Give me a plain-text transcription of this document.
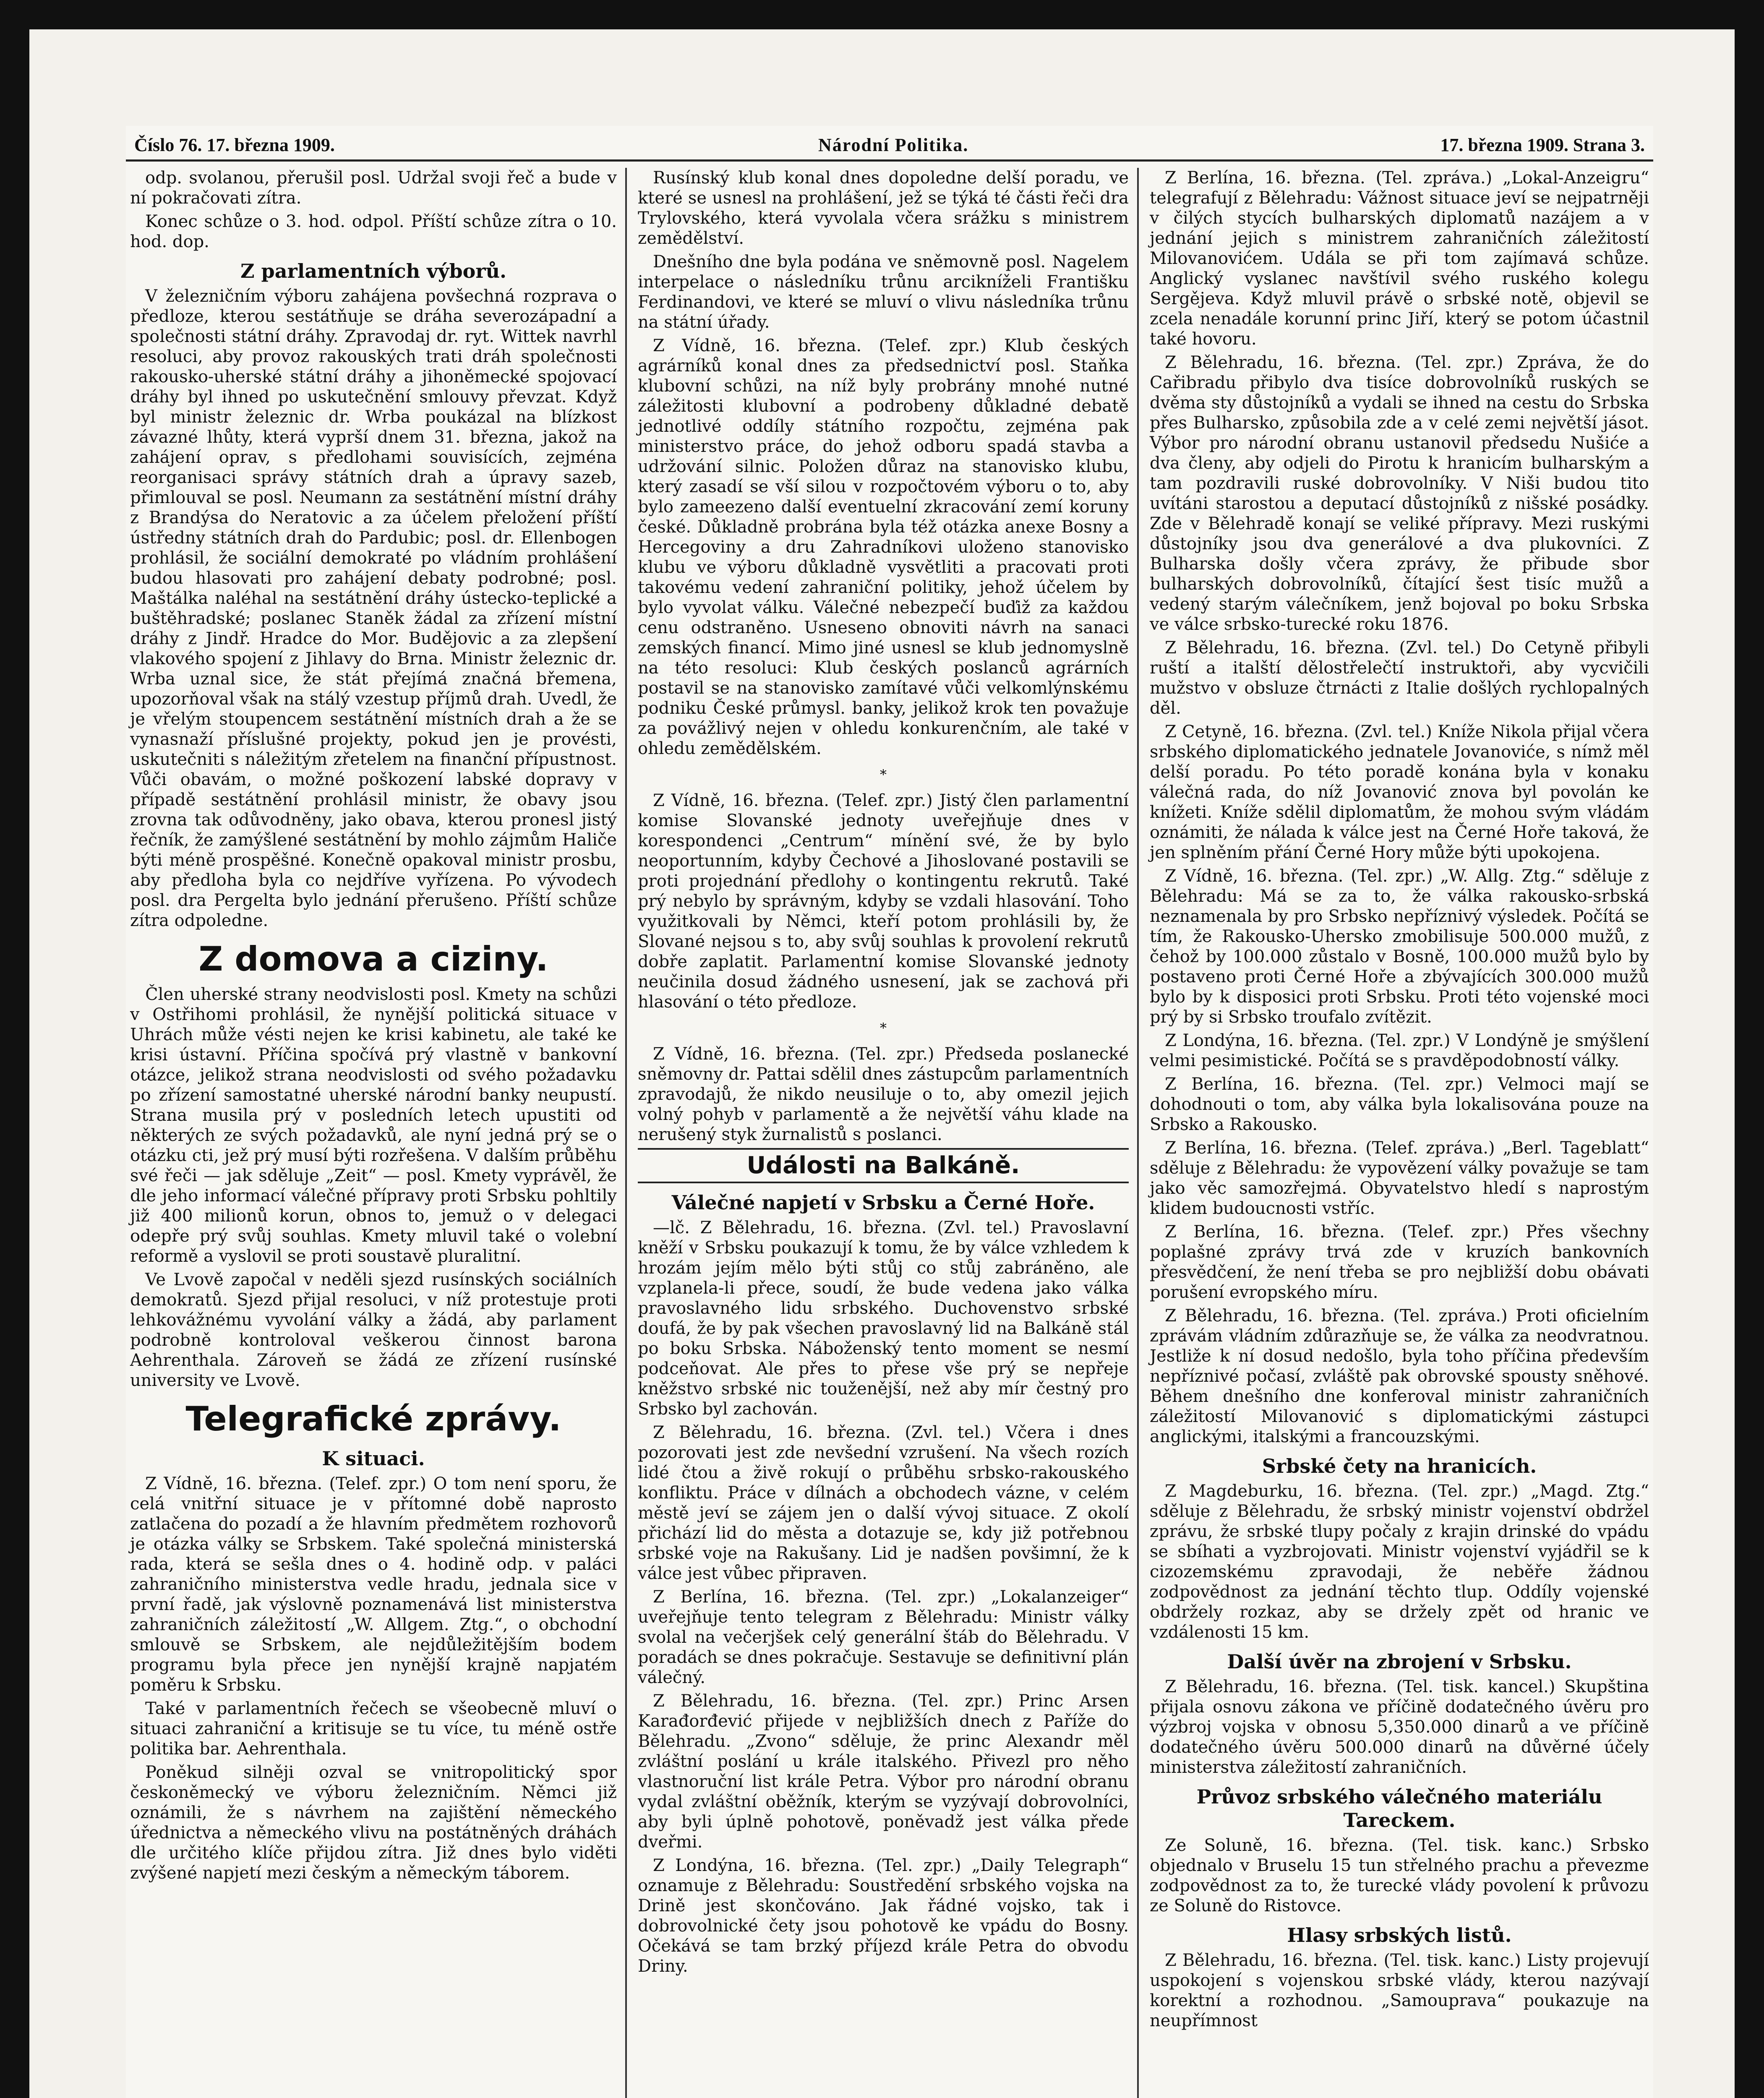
Číslo 76. 17. března 1909.	Národní Politika.	17. března 1909. Strana 3.

odp. svolanou, přerušil posl. Udržal svoji řeč a bude v ní pokračovati zítra.

Konec schůze o 3. hod. odpol. Příští schůze zítra o 10. hod. dop.

Z parlamentních výborů.

V železničním výboru zahájena povšechná rozprava o předloze, kterou sestátňuje se dráha severozápadní a společnosti státní dráhy. Zpravodaj dr. ryt. Wittek navrhl resoluci, aby provoz rakouských trati dráh společnosti rakousko-uherské státní dráhy a jihoněmecké spojovací dráhy byl ihned po uskutečnění smlouvy převzat. Když byl ministr železnic dr. Wrba poukázal na blízkost závazné lhůty, která vyprší dnem 31. března, jakož na zahájení oprav, s předlohami souvisících, zejména reorganisaci správy státních drah a úpravy sazeb, přimlouval se posl. Neumann za sestátnění místní dráhy z Brandýsa do Neratovic a za účelem přeložení příští ústředny státních drah do Pardubic; posl. dr. Ellenbogen prohlásil, že sociální demokraté po vládním prohlášení budou hlasovati pro zahájení debaty podrobné; posl. Maštálka naléhal na sestátnění dráhy ústecko-teplické a buštěhradské; poslanec Staněk žádal za zřízení místní dráhy z Jindř. Hradce do Mor. Budějovic a za zlepšení vlakového spojení z Jihlavy do Brna. Ministr železnic dr. Wrba uznal sice, že stát přejímá značná břemena, upozorňoval však na stálý vzestup příjmů drah. Uvedl, že je vřelým stoupencem sestátnění místních drah a že se vynasnaží příslušné projekty, pokud jen je provésti, uskutečniti s náležitým zřetelem na finanční přípustnost. Vůči obavám, o možné poškození labské dopravy v případě sestátnění prohlásil ministr, že obavy jsou zrovna tak odůvodněny, jako obava, kterou pronesl jistý řečník, že zamýšlené sestátnění by mohlo zájmům Haliče býti méně prospěšné. Konečně opakoval ministr prosbu, aby předloha byla co nejdříve vyřízena. Po vývodech posl. dra Pergelta bylo jednání přerušeno. Příští schůze zítra odpoledne.

Z domova a ciziny.

Člen uherské strany neodvislosti posl. Kmety na schůzi v Ostřihomi prohlásil, že nynější politická situace v Uhrách může vésti nejen ke krisi kabinetu, ale také ke krisi ústavní. Příčina spočívá prý vlastně v bankovní otázce, jelikož strana neodvislosti od svého požadavku po zřízení samostatné uherské národní banky neupustí. Strana musila prý v posledních letech upustiti od některých ze svých požadavků, ale nyní jedná prý se o otázku cti, jež prý musí býti rozřešena. V dalším průběhu své řeči — jak sděluje „Zeit“ — posl. Kmety vyprávěl, že dle jeho informací válečné přípravy proti Srbsku pohltily již 400 milionů korun, obnos to, jemuž o v delegaci odepře prý svůj souhlas. Kmety mluvil také o volební reformě a vyslovil se proti soustavě pluralitní.

Ve Lvově započal v neděli sjezd rusínských sociálních demokratů. Sjezd přijal resoluci, v níž protestuje proti lehkovážnému vyvolání války a žádá, aby parlament podrobně kontroloval veškerou činnost barona Aehrenthala. Zároveň se žádá ze zřízení rusínské university ve Lvově.

Telegrafické zprávy.
K situaci.

Z Vídně, 16. března. (Telef. zpr.) O tom není sporu, že celá vnitřní situace je v přítomné době naprosto zatlačena do pozadí a že hlavním předmětem rozhovorů je otázka války se Srbskem. Také společná ministerská rada, která se sešla dnes o 4. hodině odp. v paláci zahraničního ministerstva vedle hradu, jednala sice v první řadě, jak výslovně poznamenává list ministerstva zahraničních záležitostí „W. Allgem. Ztg.“, o obchodní smlouvě se Srbskem, ale nejdůležitějším bodem programu byla přece jen nynější krajně napjatém poměru k Srbsku.

Také v parlamentních řečech se všeobecně mluví o situaci zahraniční a kritisuje se tu více, tu méně ostře politika bar. Aehrenthala.

Poněkud silněji ozval se vnitropolitický spor českoněmecký ve výboru železničním. Němci již oznámili, že s návrhem na zajištění německého úřednictva a německého vlivu na postátněných dráhách dle určitého klíče přijdou zítra. Již dnes bylo viděti zvýšené napjetí mezi českým a německým táborem.

Rusínský klub konal dnes dopoledne delší poradu, ve které se usnesl na prohlášení, jež se týká té části řeči dra Trylovského, která vyvolala včera srážku s ministrem zemědělství.

Dnešního dne byla podána ve sněmovně posl. Nagelem interpelace o následníku trůnu arcikníželi Františku Ferdinandovi, ve které se mluví o vlivu následníka trůnu na státní úřady.

Z Vídně, 16. března. (Telef. zpr.) Klub českých agrárníků konal dnes za předsednictví posl. Staňka klubovní schůzi, na níž byly probrány mnohé nutné záležitosti klubovní a podrobeny důkladné debatě jednotlivé oddíly státního rozpočtu, zejména pak ministerstvo práce, do jehož odboru spadá stavba a udržování silnic. Položen důraz na stanovisko klubu, který zasadí se vší silou v rozpočtovém výboru o to, aby bylo zameezeno další eventuelní zkracování zemí koruny české. Důkladně probrána byla též otázka anexe Bosny a Hercegoviny a dru Zahradníkovi uloženo stanovisko klubu ve výboru důkladně vysvětliti a pracovati proti takovému vedení zahraniční politiky, jehož účelem by bylo vyvolat válku. Válečné nebezpečí buďiž za každou cenu odstraněno. Usneseno obnoviti návrh na sanaci zemských financí. Mimo jiné usnesl se klub jednomyslně na této resoluci: Klub českých poslanců agrárních postavil se na stanovisko zamítavé vůči velkomlýnskému podniku České průmysl. banky, jelikož krok ten považuje za povážlivý nejen v ohledu konkurenčním, ale také v ohledu zemědělském.

*

Z Vídně, 16. března. (Telef. zpr.) Jistý člen parlamentní komise Slovanské jednoty uveřejňuje dnes v korespondenci „Centrum“ mínění své, že by bylo neoportunním, kdyby Čechové a Jihoslované postavili se proti projednání předlohy o kontingentu rekrutů. Také prý nebylo by správným, kdyby se vzdali hlasování. Toho využitkovali by Němci, kteří potom prohlásili by, že Slované nejsou s to, aby svůj souhlas k provolení rekrutů dobře zaplatit. Parlamentní komise Slovanské jednoty neučinila dosud žádného usnesení, jak se zachová při hlasování o této předloze.

*

Z Vídně, 16. března. (Tel. zpr.) Předseda poslanecké sněmovny dr. Pattai sdělil dnes zástupcům parlamentních zpravodajů, že nikdo neusiluje o to, aby omezil jejich volný pohyb v parlamentě a že největší váhu klade na nerušený styk žurnalistů s poslanci.

Události na Balkáně.
Válečné napjetí v Srbsku a Černé Hoře.

—lč. Z Bělehradu, 16. března. (Zvl. tel.) Pravoslavní kněží v Srbsku poukazují k tomu, že by válce vzhledem k hrozám jejím mělo býti stůj co stůj zabráněno, ale vzplanela-li přece, soudí, že bude vedena jako válka pravoslavného lidu srbského. Duchovenstvo srbské doufá, že by pak všechen pravoslavný lid na Balkáně stál po boku Srbska. Náboženský tento moment se nesmí podceňovat. Ale přes to přese vše prý se nepřeje kněžstvo srbské nic touženější, než aby mír čestný pro Srbsko byl zachován.

Z Bělehradu, 16. března. (Zvl. tel.) Včera i dnes pozorovati jest zde nevšední vzrušení. Na všech rozích lidé čtou a živě rokují o průběhu srbsko-rakouského konfliktu. Práce v dílnách a obchodech vázne, v celém městě jeví se zájem jen o další vývoj situace. Z okolí přichází lid do města a dotazuje se, kdy již potřebnou srbské voje na Rakušany. Lid je nadšen povšimní, že k válce jest vůbec připraven.

Z Berlína, 16. března. (Tel. zpr.) „Lokalanzeiger“ uveřejňuje tento telegram z Bělehradu: Ministr války svolal na večerjšek celý generální štáb do Bělehradu. V poradách se dnes pokračuje. Sestavuje se definitivní plán válečný.

Z Bělehradu, 16. března. (Tel. zpr.) Princ Arsen Karađorđević přijede v nejbližších dnech z Paříže do Bělehradu. „Zvono“ sděluje, že princ Alexandr měl zvláštní poslání u krále italského. Přivezl pro něho vlastnoruční list krále Petra. Výbor pro národní obranu vydal zvláštní oběžník, kterým se vyzývají dobrovolníci, aby byli úplně pohotově, poněvadž jest válka přede dveřmi.

Z Londýna, 16. března. (Tel. zpr.) „Daily Telegraph“ oznamuje z Bělehradu: Soustředění srbského vojska na Drině jest skončováno. Jak řádné vojsko, tak i dobrovolnické čety jsou pohotově ke vpádu do Bosny. Očekává se tam brzký příjezd krále Petra do obvodu Driny.

Z Berlína, 16. března. (Tel. zpráva.) „Lokal-Anzeigru“ telegrafují z Bělehradu: Vážnost situace jeví se nejpatrněji v čilých stycích bulharských diplomatů nazájem a v jednání jejich s ministrem zahraničních záležitostí Milovanovićem. Udála se při tom zajímavá schůze. Anglický vyslanec navštívil svého ruského kolegu Sergějeva. Když mluvil právě o srbské notě, objevil se zcela nenadále korunní princ Jiří, který se potom účastnil také hovoru.

Z Bělehradu, 16. března. (Tel. zpr.) Zpráva, že do Cařibradu přibylo dva tisíce dobrovolníků ruských se dvěma sty důstojníků a vydali se ihned na cestu do Srbska přes Bulharsko, způsobila zde a v celé zemi největší jásot. Výbor pro národní obranu ustanovil předsedu Nušiće a dva členy, aby odjeli do Pirotu k hranicím bulharským a tam pozdravili ruské dobrovolníky. V Niši budou tito uvítáni starostou a deputací důstojníků z nišské posádky. Zde v Bělehradě konají se veliké přípravy. Mezi ruskými důstojníky jsou dva generálové a dva plukovníci. Z Bulharska došly včera zprávy, že přibude sbor bulharských dobrovolníků, čítající šest tisíc mužů a vedený starým válečníkem, jenž bojoval po boku Srbska ve válce srbsko-turecké roku 1876.

Z Bělehradu, 16. března. (Zvl. tel.) Do Cetyně přibyli ruští a italští dělostřelečtí instruktoři, aby vycvičili mužstvo v obsluze čtrnácti z Italie došlých rychlopalných děl.

Z Cetyně, 16. března. (Zvl. tel.) Kníže Nikola přijal včera srbského diplomatického jednatele Jovanoviće, s nímž měl delší poradu. Po této poradě konána byla v konaku válečná rada, do níž Jovanović znova byl povolán ke knížeti. Kníže sdělil diplomatům, že mohou svým vládám oznámiti, že nálada k válce jest na Černé Hoře taková, že jen splněním přání Černé Hory může býti upokojena.

Z Vídně, 16. března. (Tel. zpr.) „W. Allg. Ztg.“ sděluje z Bělehradu: Má se za to, že válka rakousko-srbská neznamenala by pro Srbsko nepříznivý výsledek. Počítá se tím, že Rakousko-Uhersko zmobilisuje 500.000 mužů, z čehož by 100.000 zůstalo v Bosně, 100.000 mužů bylo by postaveno proti Černé Hoře a zbývajících 300.000 mužů bylo by k disposici proti Srbsku. Proti této vojenské moci prý by si Srbsko troufalo zvítězit.

Z Londýna, 16. března. (Tel. zpr.) V Londýně je smýšlení velmi pesimistické. Počítá se s pravděpodobností války.

Z Berlína, 16. března. (Tel. zpr.) Velmoci mají se dohodnouti o tom, aby válka byla lokalisována pouze na Srbsko a Rakousko.

Z Berlína, 16. března. (Telef. zpráva.) „Berl. Tageblatt“ sděluje z Bělehradu: že vypovězení války považuje se tam jako věc samozřejmá. Obyvatelstvo hledí s naprostým klidem budoucnosti vstříc.

Z Berlína, 16. března. (Telef. zpr.) Přes všechny poplašné zprávy trvá zde v kruzích bankovních přesvědčení, že není třeba se pro nejbližší dobu obávati porušení evropského míru.

Z Bělehradu, 16. března. (Tel. zpráva.) Proti oficielním zprávám vládním zdůrazňuje se, že válka za neodvratnou. Jestliže k ní dosud nedošlo, byla toho příčina především nepříznivé počasí, zvláště pak obrovské spousty sněhové. Během dnešního dne konferoval ministr zahraničních záležitostí Milovanović s diplomatickými zástupci anglickými, italskými a francouzskými.

Srbské čety na hranicích.

Z Magdeburku, 16. března. (Tel. zpr.) „Magd. Ztg.“ sděluje z Bělehradu, že srbský ministr vojenství obdržel zprávu, že srbské tlupy počaly z krajin drinské do vpádu se sbíhati a vyzbrojovati. Ministr vojenství vyjádřil se k cizozemskému zpravodaji, že neběře žádnou zodpovědnost za jednání těchto tlup. Oddíly vojenské obdržely rozkaz, aby se držely zpět od hranic ve vzdálenosti 15 km.

Další úvěr na zbrojení v Srbsku.

Z Bělehradu, 16. března. (Tel. tisk. kancel.) Skupština přijala osnovu zákona ve příčině dodatečného úvěru pro výzbroj vojska v obnosu 5,350.000 dinarů a ve příčině dodatečného úvěru 500.000 dinarů na důvěrné účely ministerstva záležitostí zahraničních.

Průvoz srbského válečného materiálu Tareckem.

Ze Soluně, 16. března. (Tel. tisk. kanc.) Srbsko objednalo v Bruselu 15 tun střelného prachu a převezme zodpovědnost za to, že turecké vlády povolení k průvozu ze Soluně do Ristovce.

Hlasy srbských listů.

Z Bělehradu, 16. března. (Tel. tisk. kanc.) Listy projevují uspokojení s vojenskou srbské vlády, kterou nazývají korektní a rozhodnou. „Samouprava“ poukazuje na neupřímnost
